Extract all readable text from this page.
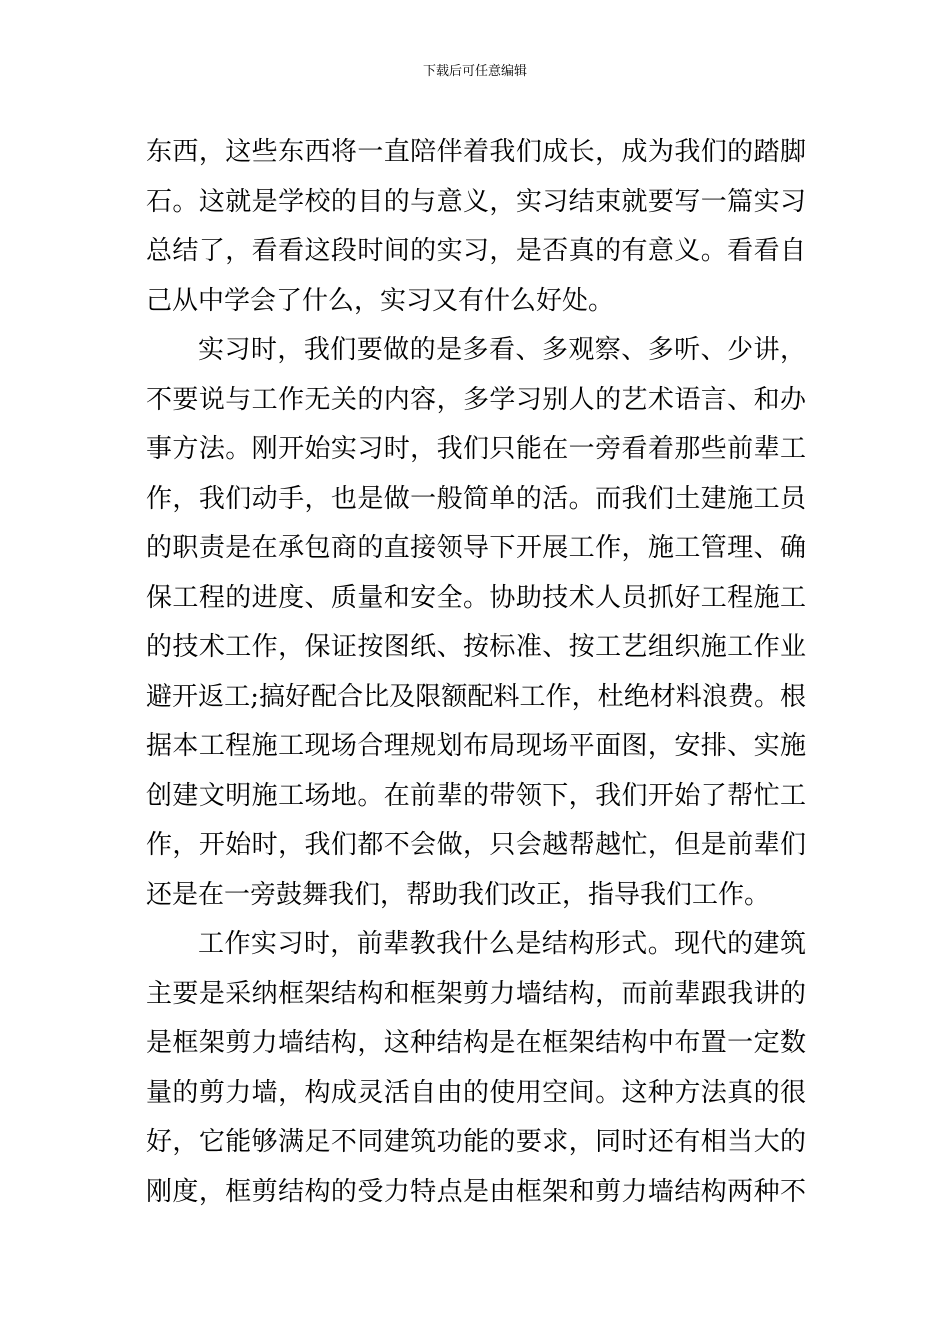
下载后可任意编辑
东西，这些东西将一直陪伴着我们成长，成为我们的踏脚
石。这就是学校的目的与意义，实习结束就要写一篇实习
总结了，看看这段时间的实习，是否真的有意义。看看自
己从中学会了什么，实习又有什么好处。
实习时，我们要做的是多看、多观察、多听、少讲，
不要说与工作无关的内容，多学习别人的艺术语言、和办
事方法。刚开始实习时，我们只能在一旁看着那些前辈工
作，我们动手，也是做一般简单的活。而我们土建施工员
的职责是在承包商的直接领导下开展工作，施工管理、确
保工程的进度、质量和安全。协助技术人员抓好工程施工
的技术工作，保证按图纸、按标准、按工艺组织施工作业
避开返工;搞好配合比及限额配料工作，杜绝材料浪费。根
据本工程施工现场合理规划布局现场平面图，安排、实施
创建文明施工场地。在前辈的带领下，我们开始了帮忙工
作，开始时，我们都不会做，只会越帮越忙，但是前辈们
还是在一旁鼓舞我们，帮助我们改正，指导我们工作。
工作实习时，前辈教我什么是结构形式。现代的建筑
主要是采纳框架结构和框架剪力墙结构，而前辈跟我讲的
是框架剪力墙结构，这种结构是在框架结构中布置一定数
量的剪力墙，构成灵活自由的使用空间。这种方法真的很
好，它能够满足不同建筑功能的要求，同时还有相当大的
刚度，框剪结构的受力特点是由框架和剪力墙结构两种不
